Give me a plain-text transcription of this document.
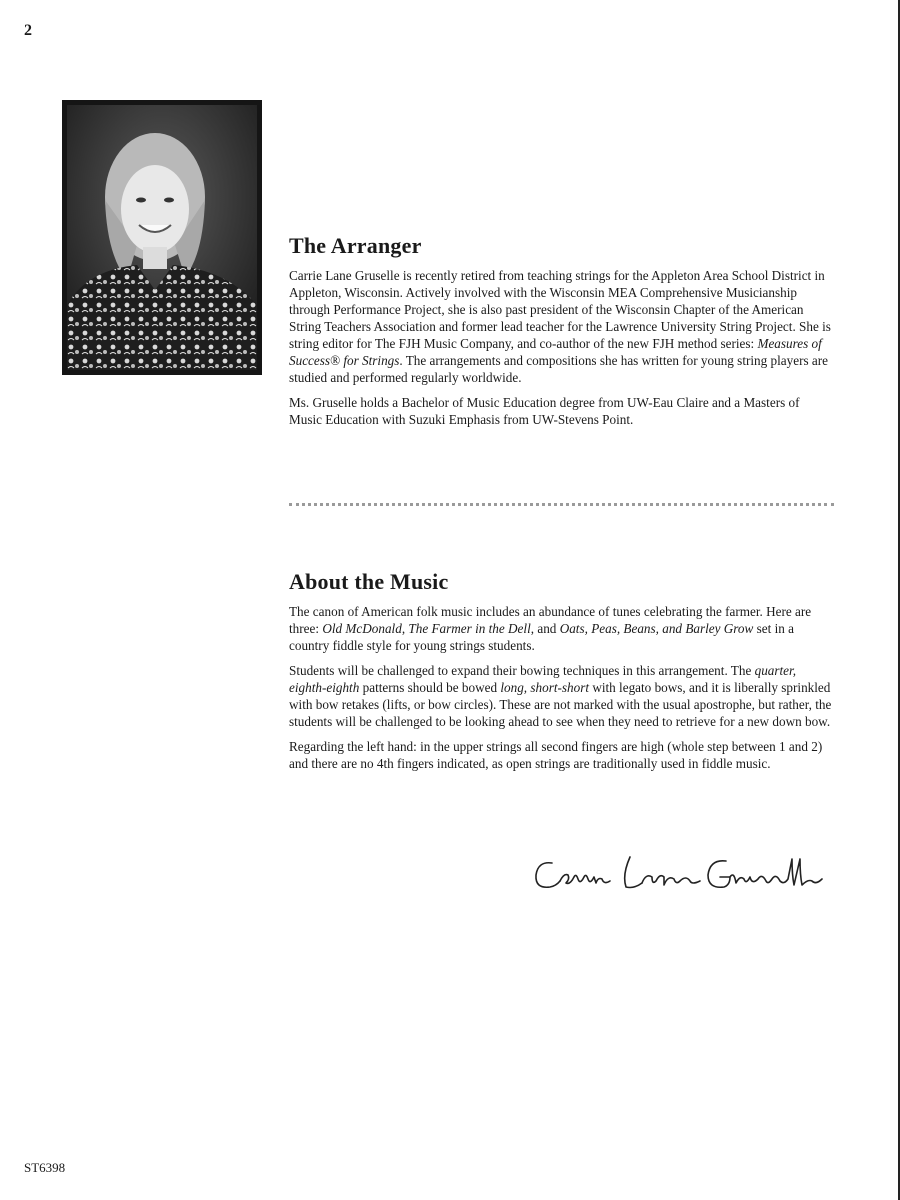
2
The Arranger

Carrie Lane Gruselle is recently retired from teaching strings for the Appleton Area School District in Appleton, Wisconsin. Actively involved with the Wisconsin MEA Comprehensive Musicianship through Performance Project, she is also past president of the Wisconsin Chapter of the American String Teachers Association and former lead teacher for the Lawrence University String Project. She is string editor for The FJH Music Company, and co-author of the new FJH method series: Measures of Success® for Strings. The arrangements and compositions she has written for young string players are studied and performed regularly worldwide.

Ms. Gruselle holds a Bachelor of Music Education degree from UW-Eau Claire and a Masters of Music Education with Suzuki Emphasis from UW-Stevens Point.

About the Music

The canon of American folk music includes an abundance of tunes celebrating the farmer. Here are three: Old McDonald, The Farmer in the Dell, and Oats, Peas, Beans, and Barley Grow set in a country fiddle style for young strings students.

Students will be challenged to expand their bowing techniques in this arrangement. The quarter, eighth-eighth patterns should be bowed long, short-short with legato bows, and it is liberally sprinkled with bow retakes (lifts, or bow circles). These are not marked with the usual apostrophe, but rather, the students will be challenged to be looking ahead to see when they need to retrieve for a new down bow.

Regarding the left hand: in the upper strings all second fingers are high (whole step between 1 and 2) and there are no 4th fingers indicated, as open strings are traditionally used in fiddle music.

ST6398
